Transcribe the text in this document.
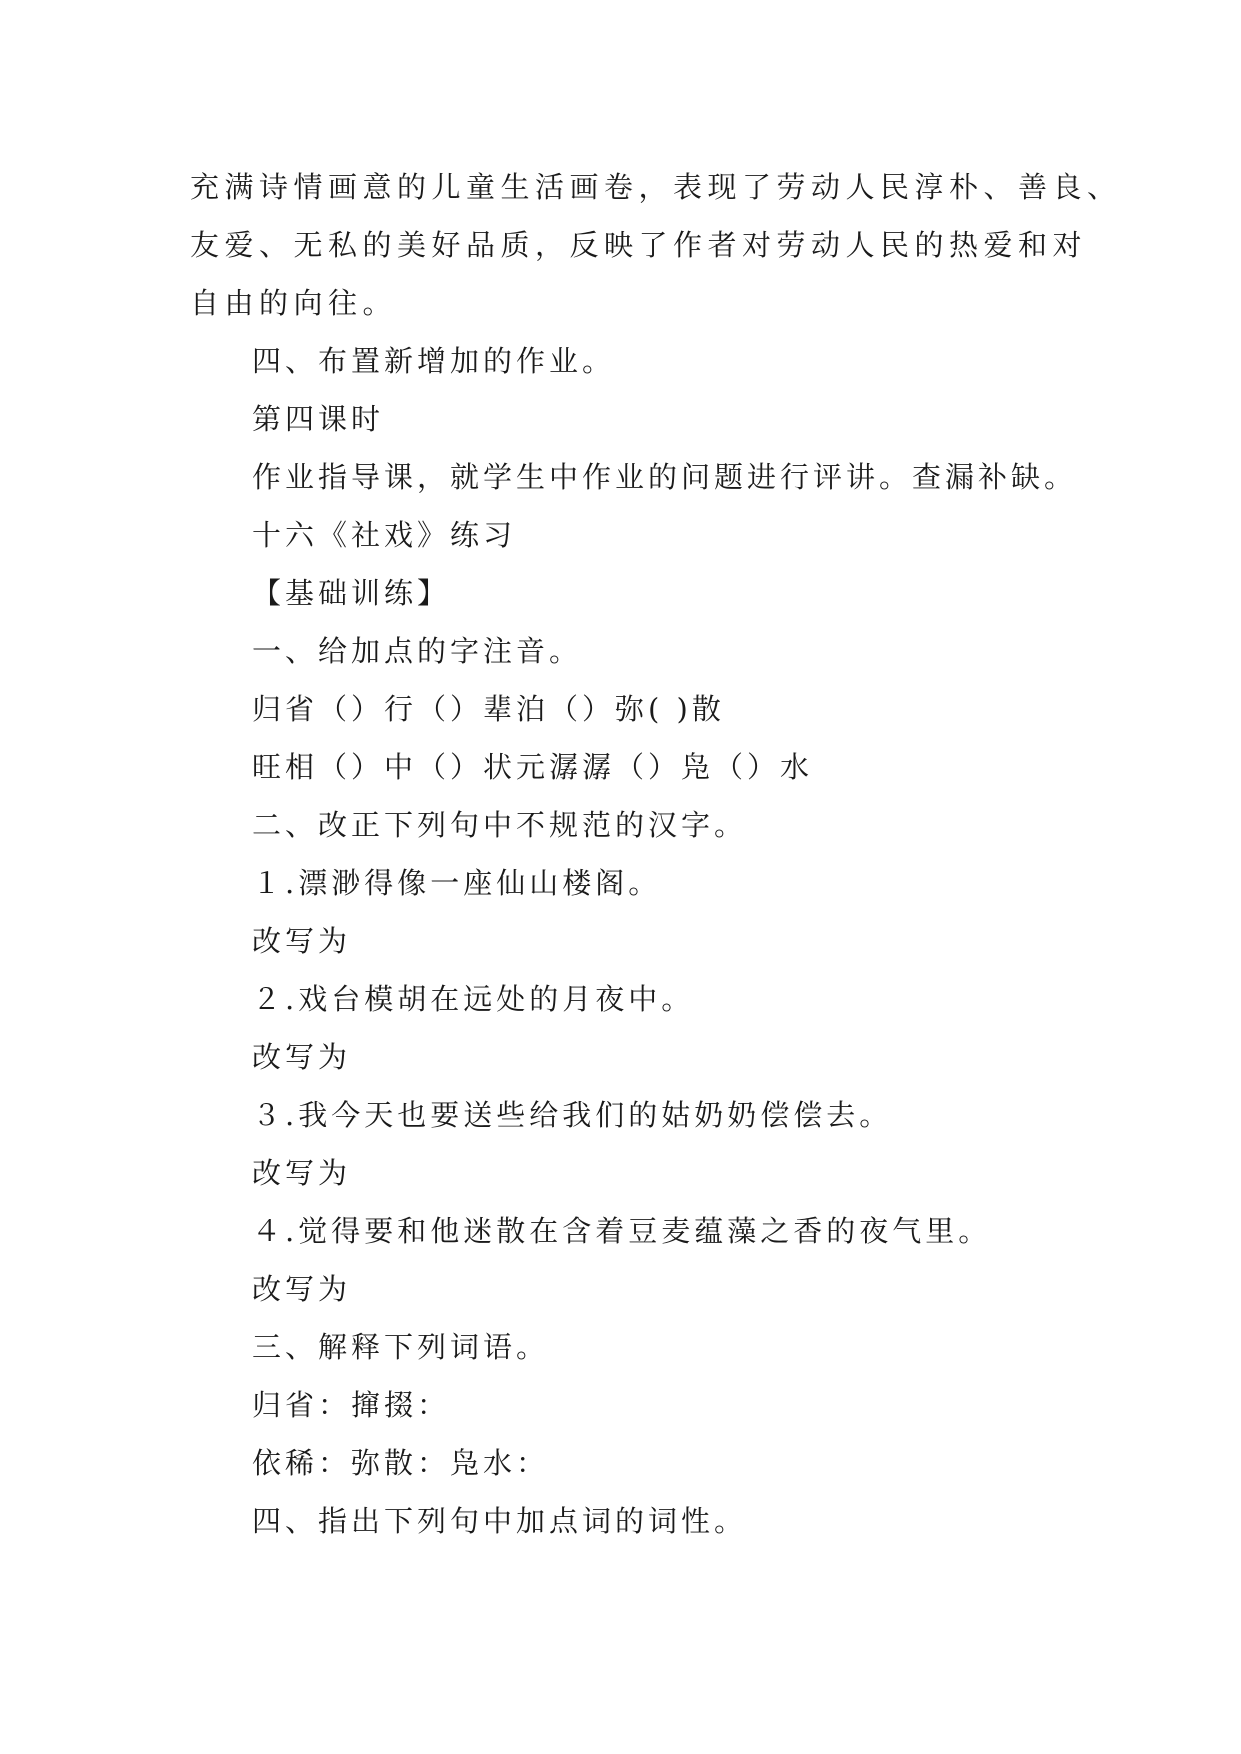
充满诗情画意的儿童生活画卷，表现了劳动人民淳朴、善良、
友爱、无私的美好品质，反映了作者对劳动人民的热爱和对
自由的向往。
四、布置新增加的作业。
第四课时
作业指导课，就学生中作业的问题进行评讲。查漏补缺。
十六《社戏》练习
【基础训练】
一、给加点的字注音。
归省（）行（）辈泊（）弥( )散
旺相（）中（）状元潺潺（）凫（）水
二、改正下列句中不规范的汉字。
１.漂渺得像一座仙山楼阁。
改写为
２.戏台模胡在远处的月夜中。
改写为
３.我今天也要送些给我们的姑奶奶偿偿去。
改写为
４.觉得要和他迷散在含着豆麦蕴藻之香的夜气里。
改写为
三、解释下列词语。
归省：撺掇：
依稀：弥散：凫水：
四、指出下列句中加点词的词性。
